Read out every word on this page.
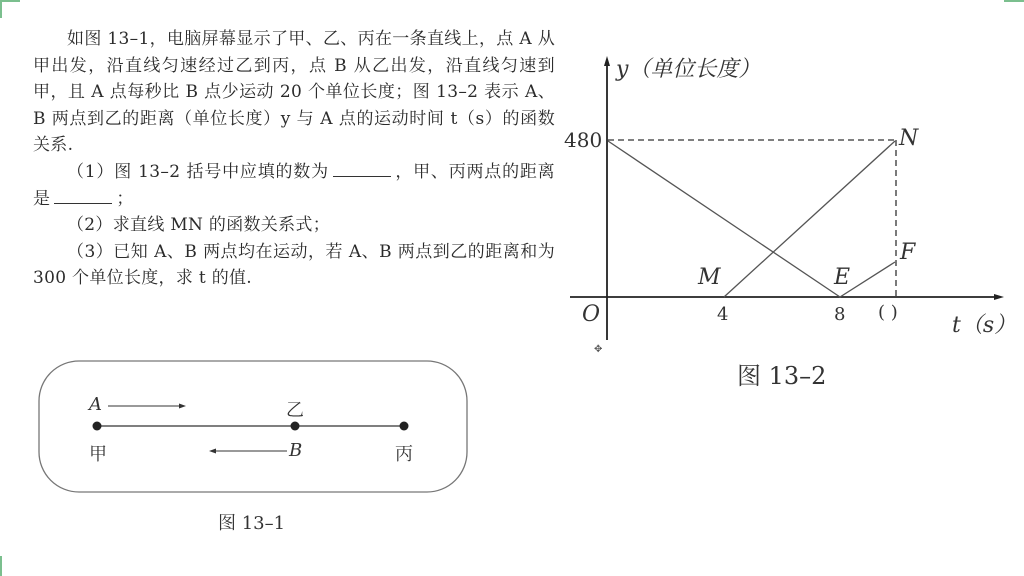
如图 13–1，电脑屏幕显示了甲、乙、丙在一条直线上，点 A 从甲出发，沿直线匀速经过乙到丙，点 B 从乙出发，沿直线匀速到甲，且 A 点每秒比 B 点少运动 20 个单位长度；图 13–2 表示 A、B 两点到乙的距离（单位长度）y 与 A 点的运动时间 t（s）的函数关系.

（1）图 13–2 括号中应填的数为	，甲、丙两点的距离是	；

（2）求直线 MN 的函数关系式；

（3）已知 A、B 两点均在运动，若 A、B 两点到乙的距离和为 300 个单位长度，求 t 的值.

A	乙
甲	B	丙
图 13–1
y（单位长度）
480	N
F
M	E
O	4	8 ( )
t（s）
✥
图 13–2
